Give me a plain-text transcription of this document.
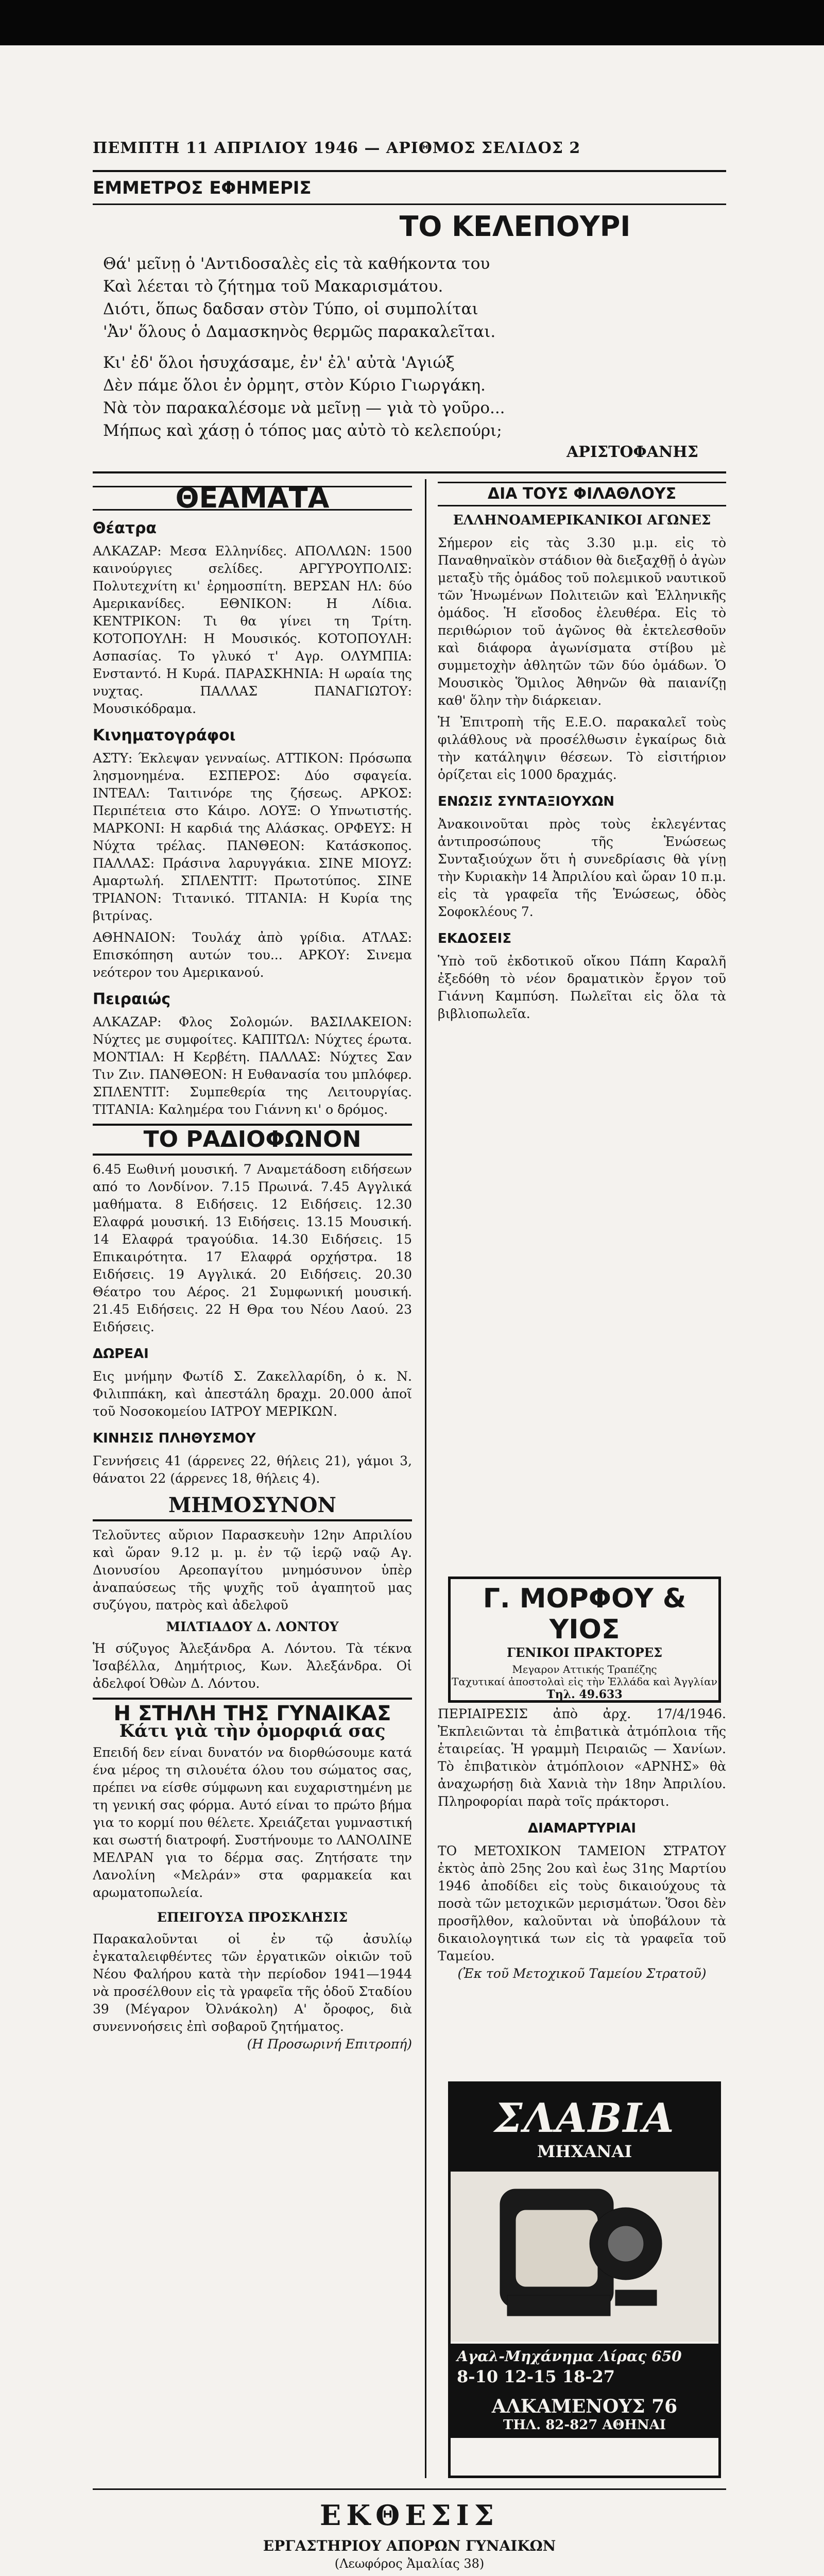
ΠΕΜΠΤΗ 11 ΑΠΡΙΛΙΟΥ 1946 — ΑΡΙΘΜΟΣ ΣΕΛΙΔΟΣ 2
ΕΜΜΕΤΡΟΣ ΕΦΗΜΕΡΙΣ
ΤΟ ΚΕΛΕΠΟΥΡΙ
Θά' μεῖνῃ ὁ 'Αντιδοσαλὲς εἰς τὰ καθήκοντα του
Καὶ λέεται τὸ ζήτημα τοῦ Μακαρισμάτου.
Διότι, ὅπως δαδσαν στὸν Τύπο, οἱ συμπολίται
'Ἀν' ὅλους ὁ Δαμασκηνὸς θερμῶς παρακαλεῖται.
Κι' ἐδ' ὅλοι ἡσυχάσαμε, ἐν' ἐλ' αὐτὰ 'Αγιώξ
Δὲν πάμε ὅλοι ἐν ὀρμητ, στὸν Κύριο Γιωργάκη.
Νὰ τὸν παρακαλέσομε νὰ μεῖνῃ — γιὰ τὸ γοῦρο...
Μήπως καὶ χάσῃ ὁ τόπος μας αὐτὸ τὸ κελεπούρι;
ΑΡΙΣΤΟΦΑΝΗΣ
ΘΕΑΜΑΤΑ
Θέατρα
ΑΛΚΑΖΑΡ: Μεσα Ελληνίδες. ΑΠΟΛΛΩΝ: 1500 καινούργιες σελίδες. ΑΡΓΥΡΟΥΠΟΛΙΣ: Πολυτεχνίτη κι' ἐρημοσπίτη. ΒΕΡΣΑΝ ΗΛ: δύο Αμερικανίδες. ΕΘΝΙΚΟΝ: Η Λίδια. ΚΕΝΤΡΙΚΟΝ: Τι θα γίνει τη Τρίτη. ΚΟΤΟΠΟΥΛΗ: Η Μουσικός. ΚΟΤΟΠΟΥΛΗ: Ασπασίας. Το γλυκό τ' Αγρ. ΟΛΥΜΠΙΑ: Ενσταντό. Η Κυρά. ΠΑΡΑΣΚΗΝΙΑ: Η ωραία της νυχτας. ΠΑΛΛΑΣ ΠΑΝΑΓΙΩΤΟΥ: Μουσικόδραμα.
Κινηματογράφοι
ΑΣΤΥ: Έκλεψαν γενναίως. ΑΤΤΙΚΟΝ: Πρόσωπα λησμονημένα. ΕΣΠΕΡΟΣ: Δύο σφαγεία. ΙΝΤΕΑΛ: Ταιτινόρε της ζήσεως. ΑΡΚΟΣ: Περιπέτεια στο Κάιρο. ΛΟΥΞ: Ο Υπνωτιστής. ΜΑΡΚΟΝΙ: Η καρδιά της Αλάσκας. ΟΡΦΕΥΣ: Η Νύχτα τρέλας. ΠΑΝΘΕΟΝ: Κατάσκοπος. ΠΑΛΛΑΣ: Πράσινα λαρυγγάκια. ΣΙΝΕ ΜΙΟΥΖ: Αμαρτωλή. ΣΠΛΕΝΤΙΤ: Πρωτοτύπος. ΣΙΝΕ ΤΡΙΑΝΟΝ: Τιτανικό. ΤΙΤΑΝΙΑ: Η Κυρία της βιτρίνας.
ΑΘΗΝΑΙΟΝ: Τουλάχ ἀπὸ γρίδια. ΑΤΛΑΣ: Επισκόπηση αυτών του... ΑΡΚΟΥ: Σινεμα νεότερον του Αμερικανού.
Πειραιώς
ΑΛΚΑΖΑΡ: Φλος Σολομών. ΒΑΣΙΛΑΚΕΙΟΝ: Νύχτες με συμφοίτες. ΚΑΠΙΤΩΛ: Νύχτες έρωτα. ΜΟΝΤΙΑΛ: Η Κερβέτη. ΠΑΛΛΑΣ: Νύχτες Σαν Τιν Ζιν. ΠΑΝΘΕΟΝ: Η Ευθανασία του μπλόφερ. ΣΠΛΕΝΤΙΤ: Συμπεθερία της Λειτουργίας. ΤΙΤΑΝΙΑ: Καλημέρα του Γιάννη κι' ο δρόμος.
ΤΟ ΡΑΔΙΟΦΩΝΟΝ
6.45 Εωθινή μουσική. 7 Αναμετάδοση ειδήσεων από το Λονδίνον. 7.15 Πρωινά. 7.45 Αγγλικά μαθήματα. 8 Ειδήσεις. 12 Ειδήσεις. 12.30 Ελαφρά μουσική. 13 Ειδήσεις. 13.15 Μουσική. 14 Ελαφρά τραγούδια. 14.30 Ειδήσεις. 15 Επικαιρότητα. 17 Ελαφρά ορχήστρα. 18 Ειδήσεις. 19 Αγγλικά. 20 Ειδήσεις. 20.30 Θέατρο του Αέρος. 21 Συμφωνική μουσική. 21.45 Ειδήσεις. 22 Η Θρα του Νέου Λαού. 23 Ειδήσεις.
ΔΩΡΕΑΙ
Εις μνήμην Φωτίδ Σ. Ζακελλαρίδη, ὁ κ. Ν. Φιλιππάκη, καὶ ἀπεστάλη δραχμ. 20.000 ἀποῖ τοῦ Νοσοκομείου ΙΑΤΡΟΥ ΜΕΡΙΚΩΝ.
ΚΙΝΗΣΙΣ ΠΛΗΘΥΣΜΟΥ
Γεννήσεις 41 (άρρενες 22, θήλεις 21), γάμοι 3, θάνατοι 22 (άρρενες 18, θήλεις 4).
ΜΗΜΟΣΥΝΟΝ
Τελοῦντες αὔριον Παρασκευὴν 12ην Απριλίου καὶ ὥραν 9.12 μ. μ. ἐν τῷ ἱερῷ ναῷ Αγ. Διονυσίου Αρεοπαγίτου μνημόσυνον ὑπὲρ ἀναπαύσεως τῆς ψυχῆς τοῦ ἀγαπητοῦ μας συζύγου, πατρὸς καὶ ἀδελφοῦ
ΜΙΛΤΙΑΔΟΥ Δ. ΛΟΝΤΟΥ
Ἡ σύζυγος Ἀλεξάνδρα Α. Λόντου. Τὰ τέκνα Ἰσαβέλλα, Δημήτριος, Κων. Ἀλεξάνδρα. Οἱ ἀδελφοί Ὀθὼν Δ. Λόντου.
Η ΣΤΗΛΗ ΤΗΣ ΓΥΝΑΙΚΑΣ
Κάτι γιὰ τὴν ὀμορφιά σας
Επειδή δεν είναι δυνατόν να διορθώσουμε κατά ένα μέρος τη σιλουέτα όλου του σώματος σας, πρέπει να είσθε σύμφωνη και ευχαριστημένη με τη γενική σας φόρμα. Αυτό είναι το πρώτο βήμα για το κορμί που θέλετε. Χρειάζεται γυμναστική και σωστή διατροφή. Συστήνουμε το ΛΑΝΟΛΙΝΕ ΜΕΛΡΑΝ για το δέρμα σας. Ζητήσατε την Λανολίνη «Μελράν» στα φαρμακεία και αρωματοπωλεία.
ΕΠΕΙΓΟΥΣΑ ΠΡΟΣΚΛΗΣΙΣ
Παρακαλοῦνται οἱ ἐν τῷ ἀσυλίῳ ἐγκαταλειφθέντες τῶν ἐργατικῶν οἰκιῶν τοῦ Νέου Φαλήρου κατὰ τὴν περίοδον 1941—1944 νὰ προσέλθουν εἰς τὰ γραφεῖα τῆς ὁδοῦ Σταδίου 39 (Μέγαρον Ὀλνάκολη) Α' ὄροφος, διὰ συνεννοήσεις ἐπὶ σοβαροῦ ζητήματος.
(Η Προσωρινή Επιτροπή)
ΔΙΑ ΤΟΥΣ ΦΙΛΑΘΛΟΥΣ
ΕΛΛΗΝΟΑΜΕΡΙΚΑΝΙΚΟΙ ΑΓΩΝΕΣ
Σήμερον εἰς τὰς 3.30 μ.μ. εἰς τὸ Παναθηναϊκὸν στάδιον θὰ διεξαχθῇ ὁ ἀγὼν μεταξὺ τῆς ὁμάδος τοῦ πολεμικοῦ ναυτικοῦ τῶν Ἡνωμένων Πολιτειῶν καὶ Ἑλληνικῆς ὁμάδος. Ἡ εἴσοδος ἐλευθέρα. Εἰς τὸ περιθώριον τοῦ ἀγῶνος θὰ ἐκτελεσθοῦν καὶ διάφορα ἀγωνίσματα στίβου μὲ συμμετοχὴν ἀθλητῶν τῶν δύο ὁμάδων. Ὁ Μουσικὸς Ὅμιλος Ἀθηνῶν θὰ παιανίζῃ καθ' ὅλην τὴν διάρκειαν.
Ἡ Ἐπιτροπὴ τῆς Ε.Ε.Ο. παρακαλεῖ τοὺς φιλάθλους νὰ προσέλθωσιν ἐγκαίρως διὰ τὴν κατάληψιν θέσεων. Τὸ εἰσιτήριον ὁρίζεται εἰς 1000 δραχμάς.
ΕΝΩΣΙΣ ΣΥΝΤΑΞΙΟΥΧΩΝ
Ἀνακοινοῦται πρὸς τοὺς ἐκλεγέντας ἀντιπροσώπους τῆς Ἑνώσεως Συνταξιούχων ὅτι ἡ συνεδρίασις θὰ γίνῃ τὴν Κυριακὴν 14 Ἀπριλίου καὶ ὥραν 10 π.μ. εἰς τὰ γραφεῖα τῆς Ἑνώσεως, ὁδὸς Σοφοκλέους 7.
ΕΚΔΟΣΕΙΣ
Ὑπὸ τοῦ ἐκδοτικοῦ οἴκου Πάπη Καραλῆ ἐξεδόθη τὸ νέον δραματικὸν ἔργον τοῦ Γιάννη Καμπύση. Πωλεῖται εἰς ὅλα τὰ βιβλιοπωλεῖα.
Γ. ΜΟΡΦΟΥ & ΥΙΟΣ
ΓΕΝΙΚΟΙ ΠΡΑΚΤΟΡΕΣ
Μεγαρον Αττικής Τραπέζης
Ταχυτικαί ἀποστολαὶ εἰς τὴν Ἑλλάδα καὶ Ἀγγλίαν
Τηλ. 49.633
ΠΕΡΙΑΙΡΕΣΙΣ ἀπὸ ἀρχ. 17/4/1946. Ἐκπλειῶνται τὰ ἐπιβατικὰ ἀτμόπλοια τῆς ἑταιρείας. Ἡ γραμμὴ Πειραιῶς — Χανίων. Τὸ ἐπιβατικὸν ἀτμόπλοιον «ΑΡΝΗΣ» θὰ ἀναχωρήσῃ διὰ Χανιὰ τὴν 18ην Ἀπριλίου. Πληροφορίαι παρὰ τοῖς πράκτορσι.
ΔΙΑΜΑΡΤΥΡΙΑΙ
ΤΟ ΜΕΤΟΧΙΚΟΝ ΤΑΜΕΙΟΝ ΣΤΡΑΤΟΥ ἐκτὸς ἀπὸ 25ης 2ου καὶ ἐως 31ης Μαρτίου 1946 ἀποδίδει εἰς τοὺς δικαιούχους τὰ ποσὰ τῶν μετοχικῶν μερισμάτων. Ὅσοι δὲν προσῆλθον, καλοῦνται νὰ ὑποβάλουν τὰ δικαιολογητικά των εἰς τὰ γραφεῖα τοῦ Ταμείου.
(Ἐκ τοῦ Μετοχικοῦ Ταμείου Στρατοῦ)
ΣΛΑΒΙΑ
ΜΗΧΑΝΑΙ
Αγαλ-Μηχάνημα Λίρας 650
8-10 12-15 18-27
ΑΛΚΑΜΕΝΟΥΣ 76
ΤΗΛ. 82-827 ΑΘΗΝΑΙ
ΕΚΘΕΣΙΣ
ΕΡΓΑΣΤΗΡΙΟΥ ΑΠΟΡΩΝ ΓΥΝΑΙΚΩΝ
(Λεωφόρος Ἀμαλίας 38)
